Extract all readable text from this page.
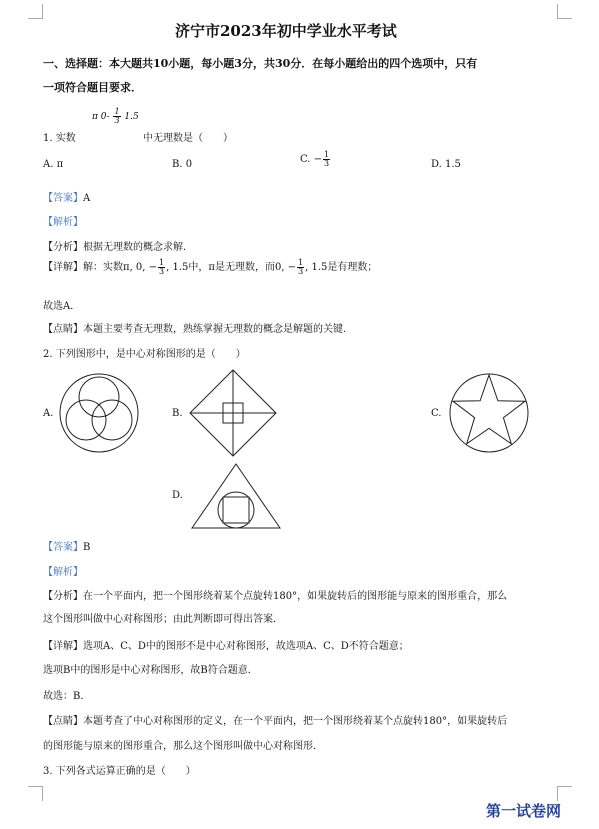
济宁市2023年初中学业水平考试
一、选择题：本大题共10小题，每小题3分，共30分．在每小题给出的四个选项中，只有
一项符合题目要求．
π $0- \frac{1}{3} 1.5$
1. 实数	中无理数是（　　）
A. π	B. 0	C. − $\frac{1}{3}$	D. 1.5
【答案】A
【解析】
【分析】根据无理数的概念求解．
【详解】解：实数π, 0, − $\frac{1}{3}$ , 1.5中，π是无理数，而0, − $\frac{1}{3}$ , 1.5是有理数；
故选A．
【点睛】本题主要考查无理数，熟练掌握无理数的概念是解题的关键．
2. 下列图形中，是中心对称图形的是（　　）
A.	B.	C.
D.
【答案】B
【解析】
【分析】在一个平面内，把一个图形绕着某个点旋转180°，如果旋转后的图形能与原来的图形重合，那么
这个图形叫做中心对称图形；由此判断即可得出答案．
【详解】选项A、C、D中的图形不是中心对称图形，故选项A、C、D不符合题意；
选项B中的图形是中心对称图形，故B符合题意．
故选：B．
【点睛】本题考查了中心对称图形的定义，在一个平面内，把一个图形绕着某个点旋转180°，如果旋转后
的图形能与原来的图形重合，那么这个图形叫做中心对称图形．
3. 下列各式运算正确的是（　　）
第一试卷网
